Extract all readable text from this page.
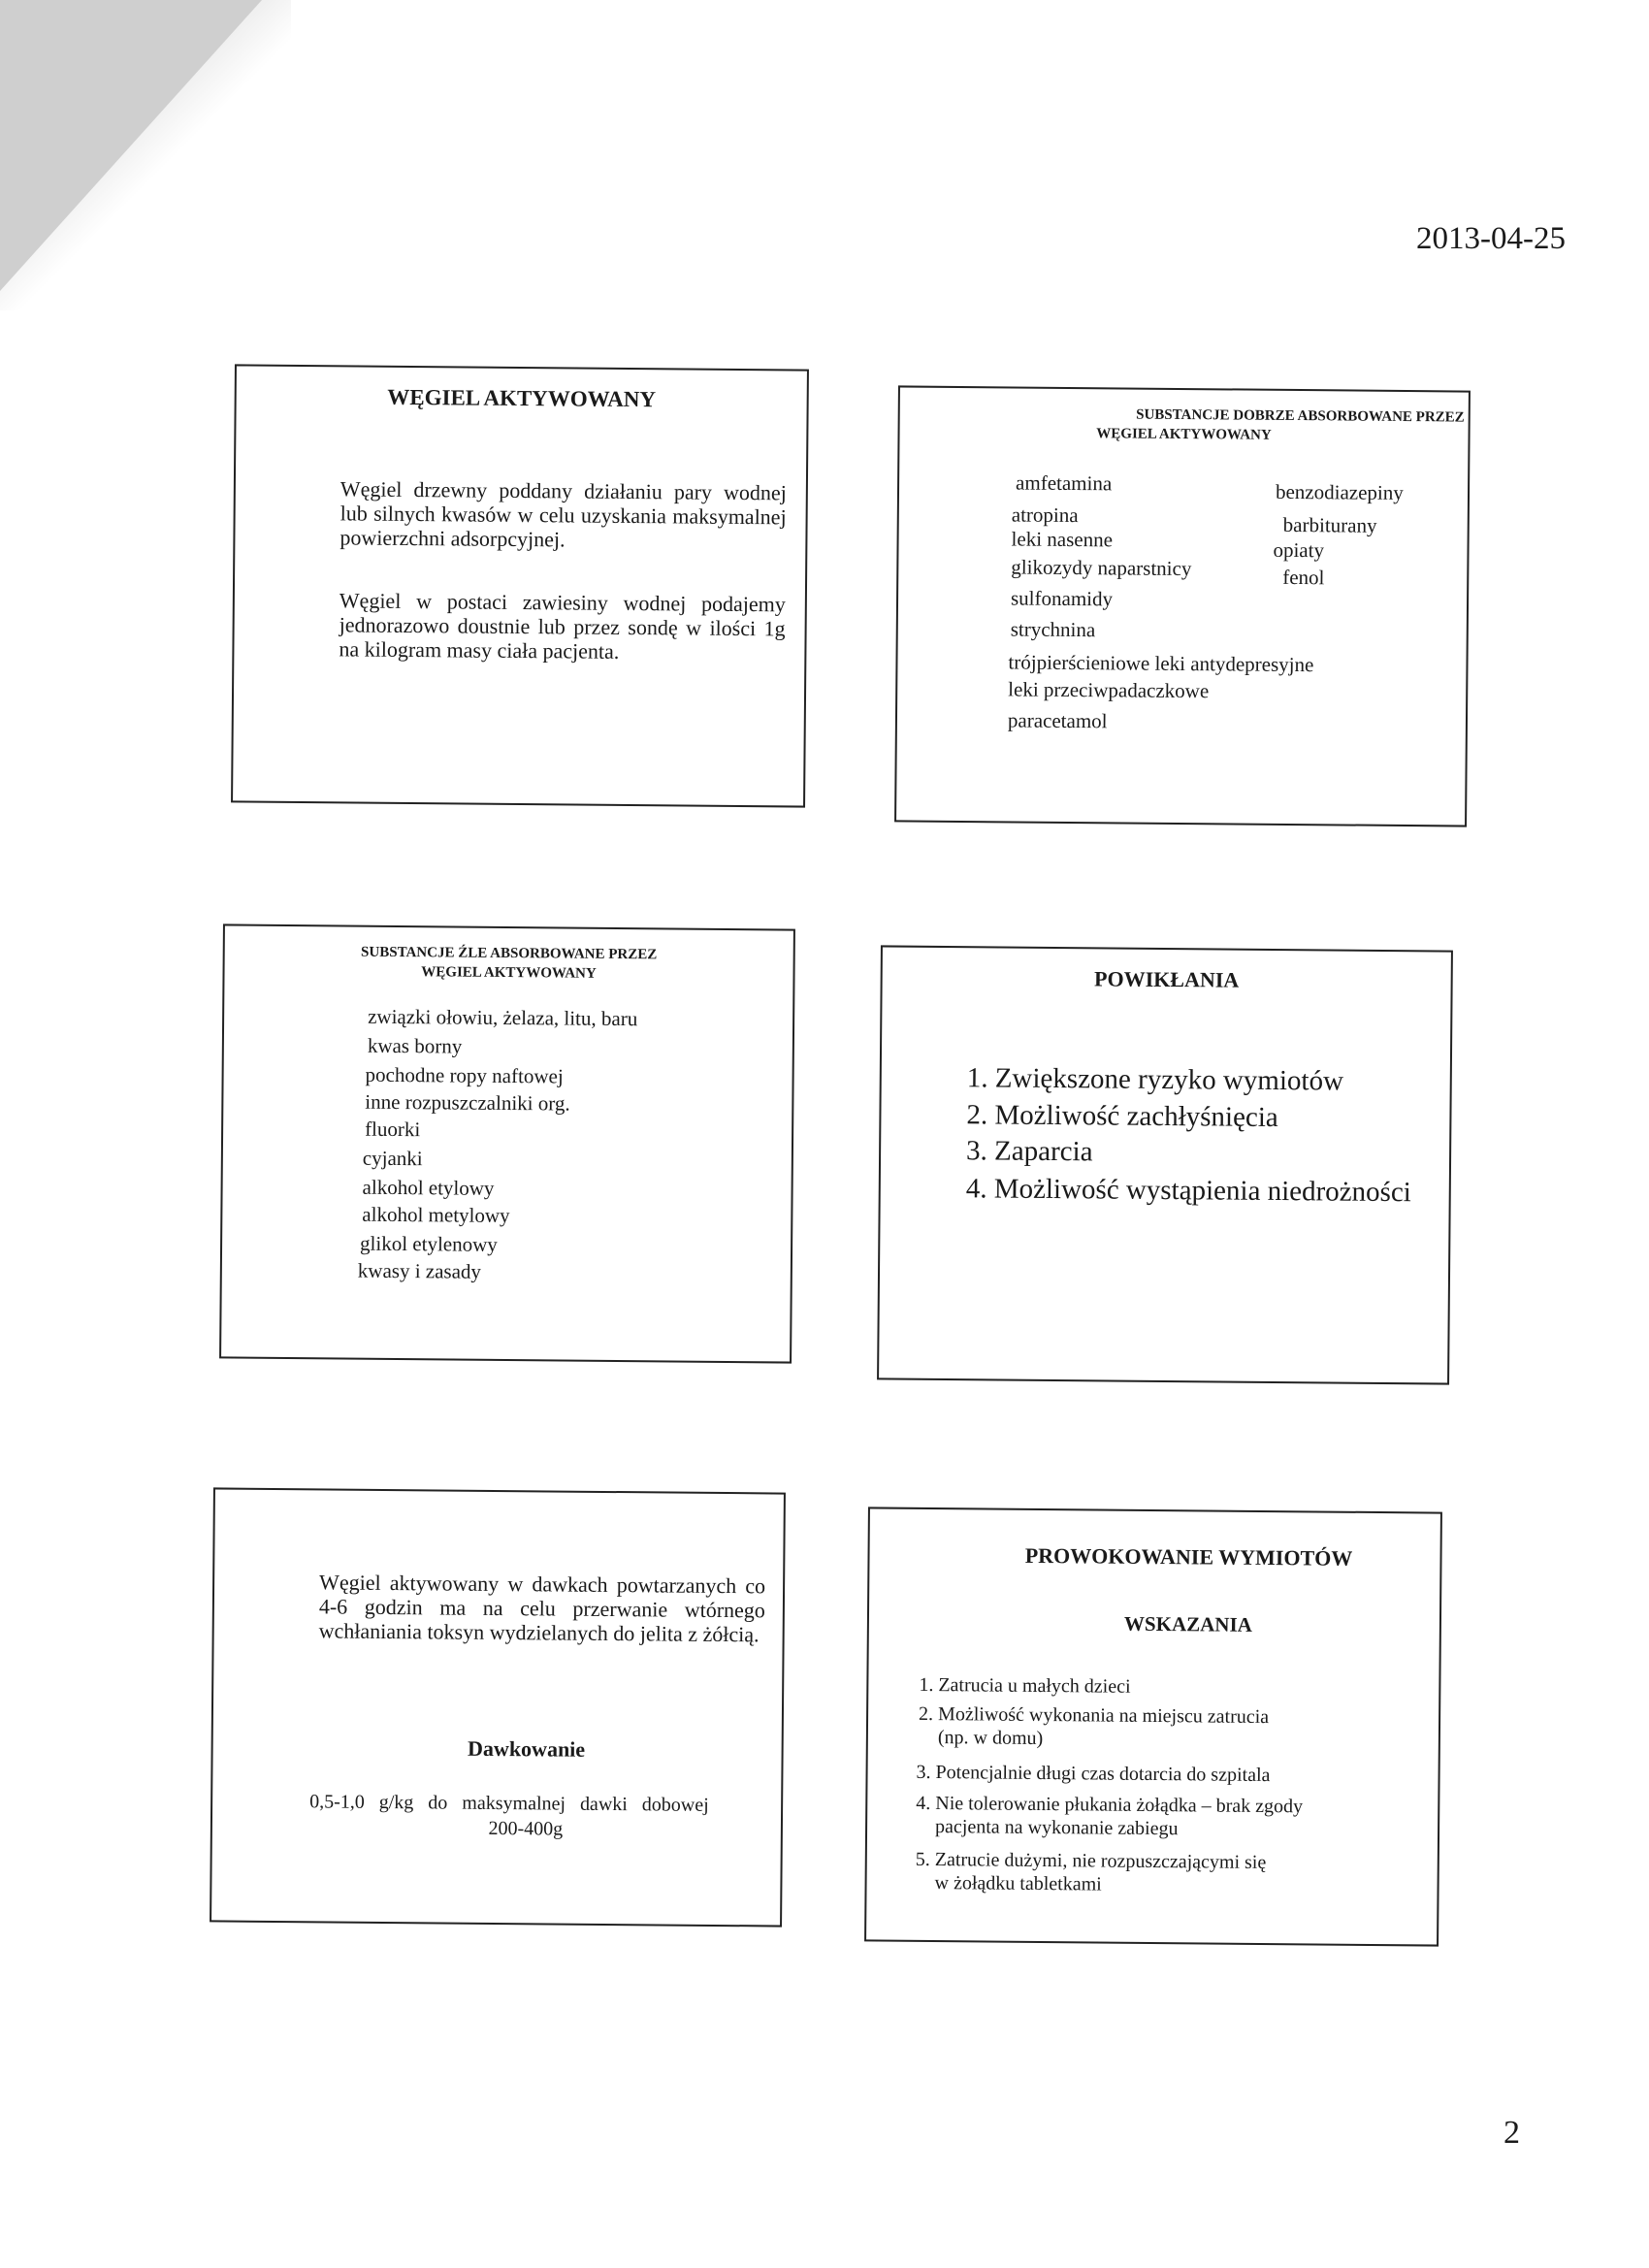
2013-04-25
WĘGIEL AKTYWOWANY
Węgiel drzewny poddany działaniu pary wodnej lub silnych kwasów w celu uzyskania maksymalnej powierzchni adsorpcyjnej.
Węgiel w postaci zawiesiny wodnej podajemy jednorazowo doustnie lub przez sondę w ilości 1g na kilogram masy ciała pacjenta.
SUBSTANCJE DOBRZE ABSORBOWANE PRZEZ
WĘGIEL AKTYWOWANY
amfetamina
atropina
leki nasenne
glikozydy naparstnicy
sulfonamidy
strychnina
trójpierścieniowe leki antydepresyjne
leki przeciwpadaczkowe
paracetamol
benzodiazepiny
barbiturany
opiaty
fenol
SUBSTANCJE ŹLE ABSORBOWANE PRZEZ
WĘGIEL AKTYWOWANY
związki ołowiu, żelaza, litu, baru
kwas borny
pochodne ropy naftowej
inne rozpuszczalniki org.
fluorki
cyjanki
alkohol etylowy
alkohol metylowy
glikol etylenowy
kwasy i zasady
POWIKŁANIA
1. Zwiększone ryzyko wymiotów
2. Możliwość zachłyśnięcia
3. Zaparcia
4. Możliwość wystąpienia niedrożności
Węgiel aktywowany w dawkach powtarzanych co 4-6 godzin ma na celu przerwanie wtórnego wchłaniania toksyn wydzielanych do jelita z żółcią.
Dawkowanie
0,5-1,0   g/kg   do   maksymalnej   dawki   dobowej
200-400g
PROWOKOWANIE WYMIOTÓW
WSKAZANIA
1. Zatrucia u małych dzieci
2. Możliwość wykonania na miejscu zatrucia
(np. w domu)
3. Potencjalnie długi czas dotarcia do szpitala
4. Nie tolerowanie płukania żołądka – brak zgody
pacjenta na wykonanie zabiegu
5. Zatrucie dużymi, nie rozpuszczającymi się
w żołądku tabletkami
2
